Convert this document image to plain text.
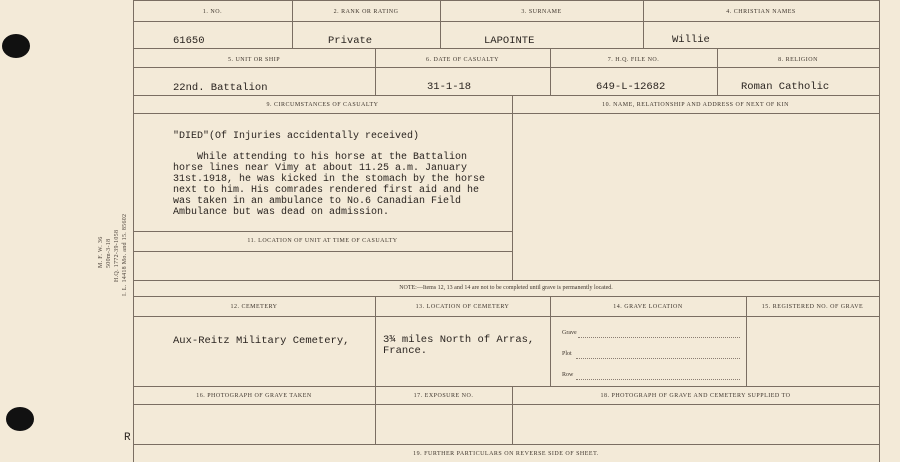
M. F. W. 36 500m-3-18 H.Q. 1772-39-1058 I. L. 14418 Mo. and 15. 85602
R
1. NO.	2. RANK OR RATING	3. SURNAME	4. CHRISTIAN NAMES
61650	Private	LAPOINTE	Willie
5. UNIT OR SHIP	6. DATE OF CASUALTY	7. H.Q. FILE NO.	8. RELIGION
22nd. Battalion	31-1-18	649-L-12682	Roman Catholic
9. CIRCUMSTANCES OF CASUALTY	10. NAME, RELATIONSHIP AND ADDRESS OF NEXT OF KIN
"DIED"(Of Injuries accidentally received)
While attending to his horse at the Battalion
horse lines near Vimy at about 11.25 a.m. January
31st.1918, he was kicked in the stomach by the horse
next to him. His comrades rendered first aid and he
was taken in an ambulance to No.6 Canadian Field
Ambulance but was dead on admission.
11. LOCATION OF UNIT AT TIME OF CASUALTY
NOTE:—Items 12, 13 and 14 are not to be completed until grave is permanently located.
12. CEMETERY	13. LOCATION OF CEMETERY	14. GRAVE LOCATION	15. REGISTERED NO. OF GRAVE
Aux-Reitz Military Cemetery,	3¾ miles North of Arras,
France.
Grave
Plot
Row
16. PHOTOGRAPH OF GRAVE TAKEN	17. EXPOSURE NO.	18. PHOTOGRAPH OF GRAVE AND CEMETERY SUPPLIED TO
19. FURTHER PARTICULARS ON REVERSE SIDE OF SHEET.
